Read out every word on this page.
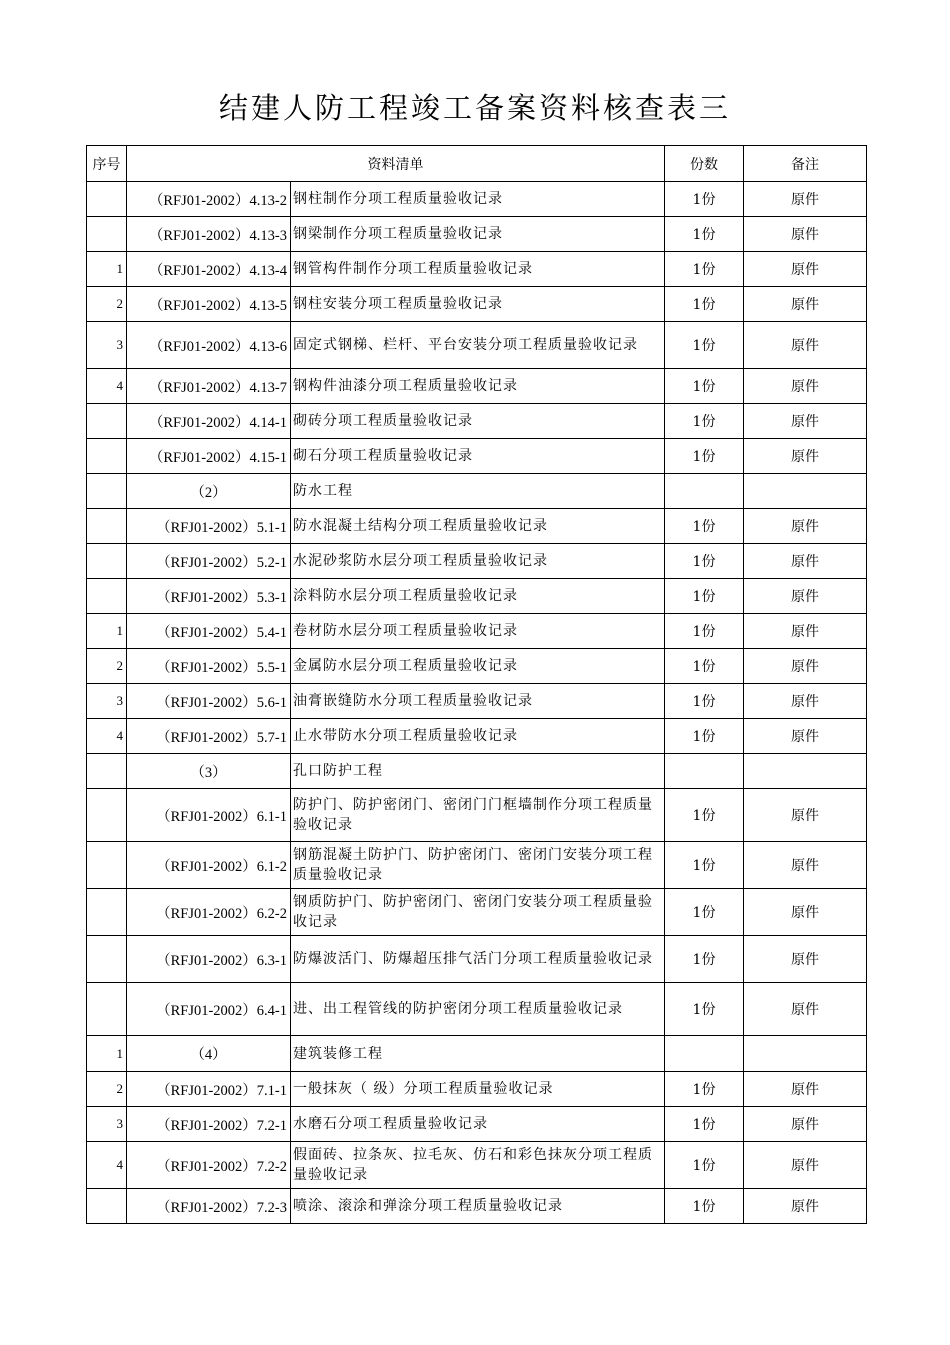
结建人防工程竣工备案资料核查表三
序号	资料清单		份数	备注
	（RFJ01-2002）4.13-2	钢柱制作分项工程质量验收记录	1份	原件
	（RFJ01-2002）4.13-3	钢梁制作分项工程质量验收记录	1份	原件
1	（RFJ01-2002）4.13-4	钢管构件制作分项工程质量验收记录	1份	原件
2	（RFJ01-2002）4.13-5	钢柱安装分项工程质量验收记录	1份	原件
3	（RFJ01-2002）4.13-6	固定式钢梯、栏杆、平台安装分项工程质量验收记录	1份	原件
4	（RFJ01-2002）4.13-7	钢构件油漆分项工程质量验收记录	1份	原件
	（RFJ01-2002）4.14-1	砌砖分项工程质量验收记录	1份	原件
	（RFJ01-2002）4.15-1	砌石分项工程质量验收记录	1份	原件
	（2）	防水工程		
	（RFJ01-2002）5.1-1	防水混凝土结构分项工程质量验收记录	1份	原件
	（RFJ01-2002）5.2-1	水泥砂浆防水层分项工程质量验收记录	1份	原件
	（RFJ01-2002）5.3-1	涂料防水层分项工程质量验收记录	1份	原件
1	（RFJ01-2002）5.4-1	卷材防水层分项工程质量验收记录	1份	原件
2	（RFJ01-2002）5.5-1	金属防水层分项工程质量验收记录	1份	原件
3	（RFJ01-2002）5.6-1	油膏嵌缝防水分项工程质量验收记录	1份	原件
4	（RFJ01-2002）5.7-1	止水带防水分项工程质量验收记录	1份	原件
	（3）	孔口防护工程		
	（RFJ01-2002）6.1-1	防护门、防护密闭门、密闭门门框墙制作分项工程质量验收记录	1份	原件
	（RFJ01-2002）6.1-2	钢筋混凝土防护门、防护密闭门、密闭门安装分项工程质量验收记录	1份	原件
	（RFJ01-2002）6.2-2	钢质防护门、防护密闭门、密闭门安装分项工程质量验收记录	1份	原件
	（RFJ01-2002）6.3-1	防爆波活门、防爆超压排气活门分项工程质量验收记录	1份	原件
	（RFJ01-2002）6.4-1	进、出工程管线的防护密闭分项工程质量验收记录	1份	原件
1	（4）	建筑装修工程		
2	（RFJ01-2002）7.1-1	一般抹灰（ 级）分项工程质量验收记录	1份	原件
3	（RFJ01-2002）7.2-1	水磨石分项工程质量验收记录	1份	原件
4	（RFJ01-2002）7.2-2	假面砖、拉条灰、拉毛灰、仿石和彩色抹灰分项工程质量验收记录	1份	原件
	（RFJ01-2002）7.2-3	喷涂、滚涂和弹涂分项工程质量验收记录	1份	原件
